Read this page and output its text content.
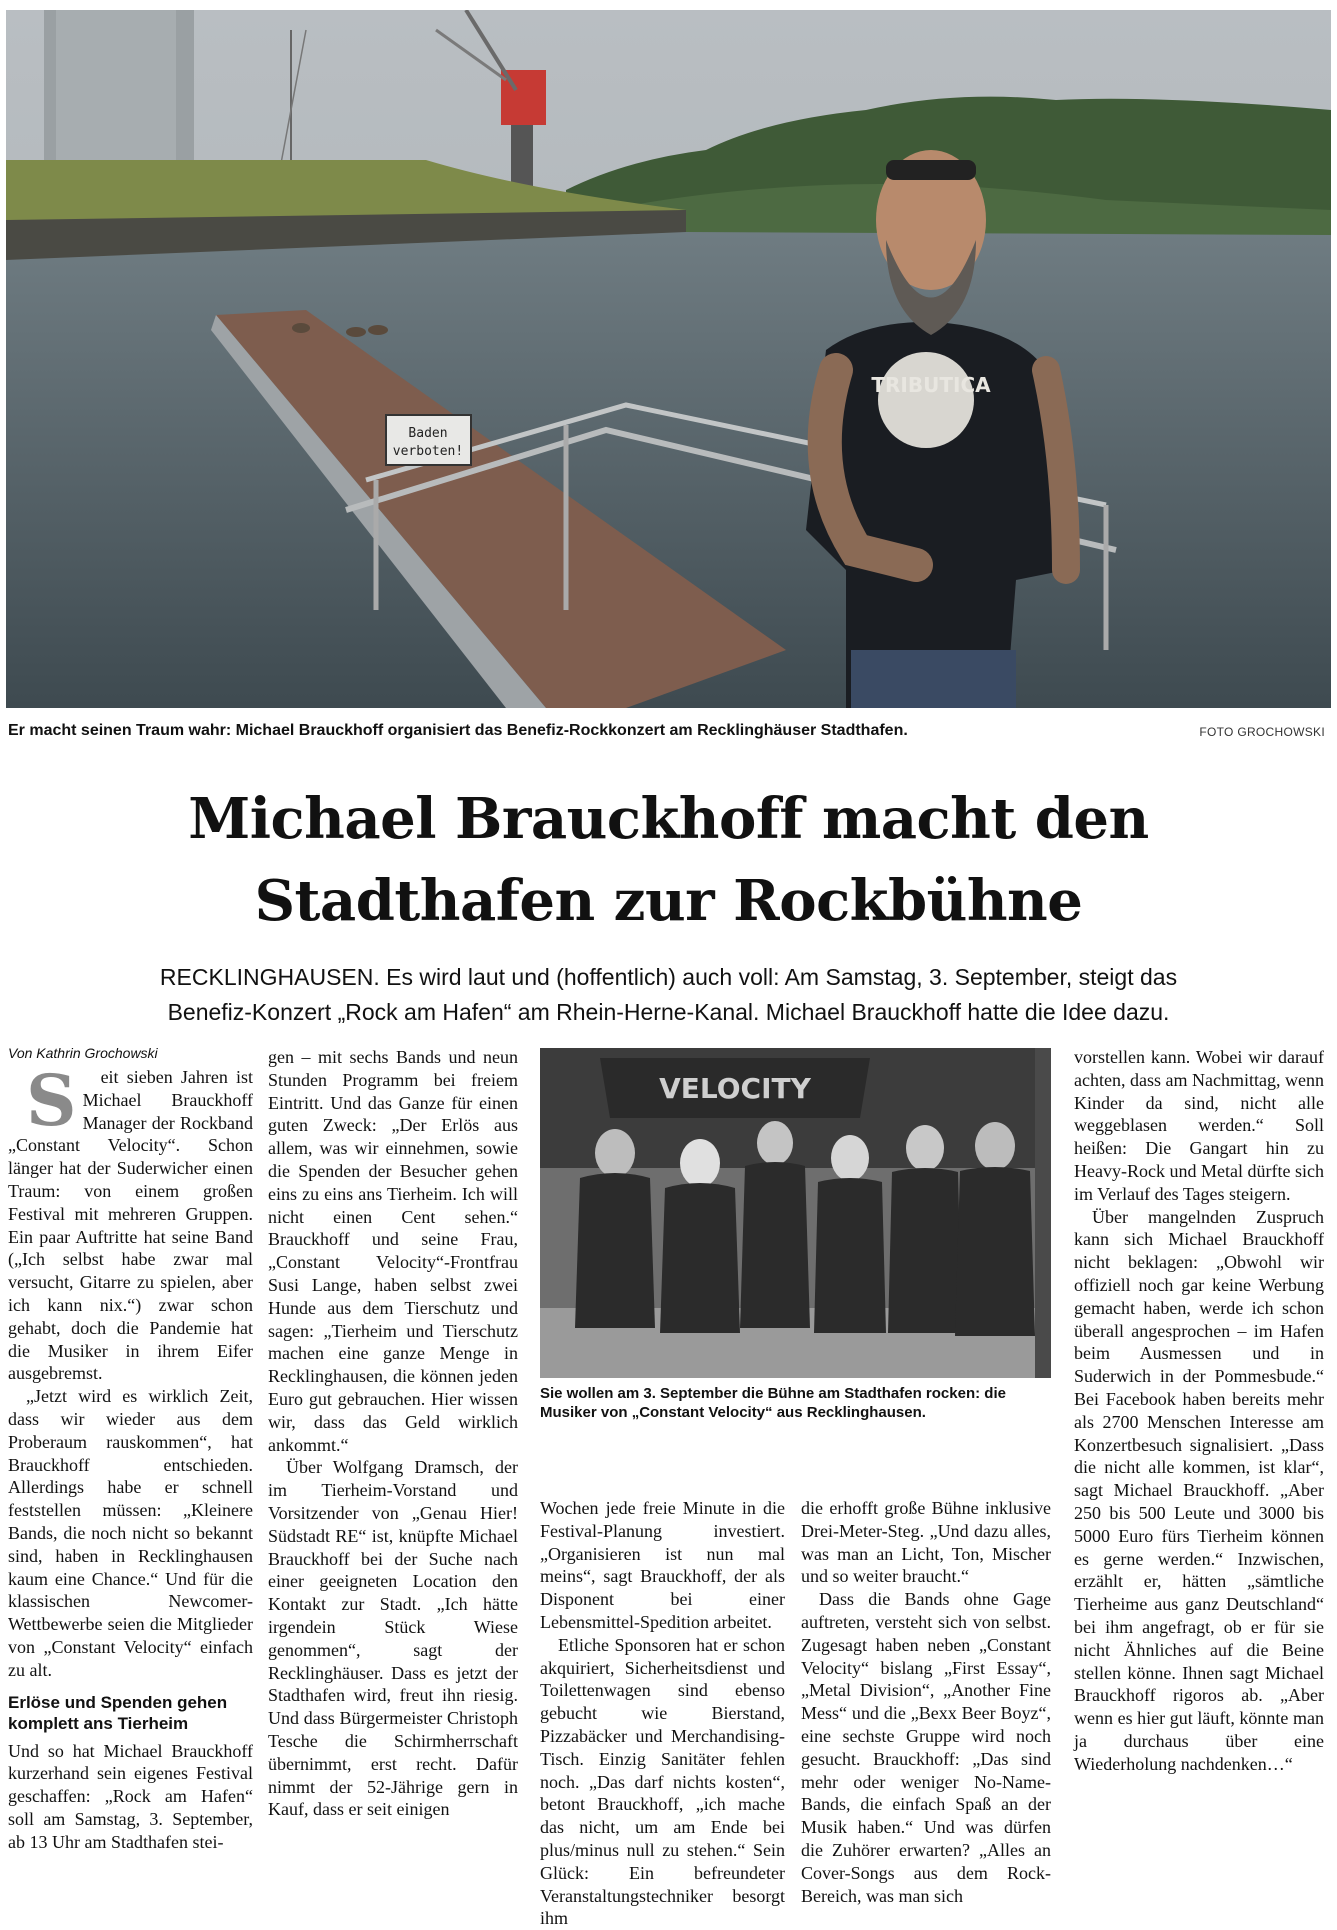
Baden
verboten!
TRIBUTICA
Er macht seinen Traum wahr: Michael Brauckhoff organisiert das Benefiz-Rockkonzert am Recklinghäuser Stadthafen.	FOTO GROCHOWSKI
Michael Brauckhoff macht den
Stadthafen zur Rockbühne
RECKLINGHAUSEN. Es wird laut und (hoffentlich) auch voll: Am Samstag, 3. September, steigt das
Benefiz-Konzert „Rock am Hafen“ am Rhein-Herne-Kanal. Michael Brauckhoff hatte die Idee dazu.

Von Kathrin Grochowski

S eit sieben Jahren ist Michael Brauckhoff Manager der Rockband „Constant Velocity“. Schon länger hat der Suderwicher einen Traum: von einem großen Festival mit mehreren Gruppen. Ein paar Auftritte hat seine Band („Ich selbst habe zwar mal versucht, Gitarre zu spielen, aber ich kann nix.“) zwar schon gehabt, doch die Pandemie hat die Musiker in ihrem Eifer ausgebremst.

„Jetzt wird es wirklich Zeit, dass wir wieder aus dem Proberaum rauskommen“, hat Brauckhoff entschieden. Allerdings habe er schnell feststellen müssen: „Kleinere Bands, die noch nicht so bekannt sind, haben in Recklinghausen kaum eine Chance.“ Und für die klassischen Newcomer-Wettbewerbe seien die Mitglieder von „Constant Velocity“ einfach zu alt.

Erlöse und Spenden gehen komplett ans Tierheim

Und so hat Michael Brauckhoff kurzerhand sein eigenes Festival geschaffen: „Rock am Hafen“ soll am Samstag, 3. September, ab 13 Uhr am Stadthafen stei-

gen – mit sechs Bands und neun Stunden Programm bei freiem Eintritt. Und das Ganze für einen guten Zweck: „Der Erlös aus allem, was wir einnehmen, sowie die Spenden der Besucher gehen eins zu eins ans Tierheim. Ich will nicht einen Cent sehen.“ Brauckhoff und seine Frau, „Constant Velocity“-Frontfrau Susi Lange, haben selbst zwei Hunde aus dem Tierschutz und sagen: „Tierheim und Tierschutz machen eine ganze Menge in Recklinghausen, die können jeden Euro gut gebrauchen. Hier wissen wir, dass das Geld wirklich ankommt.“

Über Wolfgang Dramsch, der im Tierheim-Vorstand und Vorsitzender von „Genau Hier! Südstadt RE“ ist, knüpfte Michael Brauckhoff bei der Suche nach einer geeigneten Location den Kontakt zur Stadt. „Ich hätte irgendein Stück Wiese genommen“, sagt der Recklinghäuser. Dass es jetzt der Stadthafen wird, freut ihn riesig. Und dass Bürgermeister Christoph Tesche die Schirmherrschaft übernimmt, erst recht. Dafür nimmt der 52-Jährige gern in Kauf, dass er seit einigen

VELOCITY
Sie wollen am 3. September die Bühne am Stadthafen rocken: die Musiker von „Constant Velocity“ aus Recklinghausen.

Wochen jede freie Minute in die Festival-Planung investiert. „Organisieren ist nun mal meins“, sagt Brauckhoff, der als Disponent bei einer Lebensmittel-Spedition arbeitet.

Etliche Sponsoren hat er schon akquiriert, Sicherheitsdienst und Toilettenwagen sind ebenso gebucht wie Bierstand, Pizzabäcker und Merchandising-Tisch. Einzig Sanitäter fehlen noch. „Das darf nichts kosten“, betont Brauckhoff, „ich mache das nicht, um am Ende bei plus/minus null zu stehen.“ Sein Glück: Ein befreundeter Veranstaltungstechniker besorgt ihm

die erhofft große Bühne inklusive Drei-Meter-Steg. „Und dazu alles, was man an Licht, Ton, Mischer und so weiter braucht.“

Dass die Bands ohne Gage auftreten, versteht sich von selbst. Zugesagt haben neben „Constant Velocity“ bislang „First Essay“, „Metal Division“, „Another Fine Mess“ und die „Bexx Beer Boyz“, eine sechste Gruppe wird noch gesucht. Brauckhoff: „Das sind mehr oder weniger No-Name-Bands, die einfach Spaß an der Musik haben.“ Und was dürfen die Zuhörer erwarten? „Alles an Cover-Songs aus dem Rock-Bereich, was man sich

vorstellen kann. Wobei wir darauf achten, dass am Nachmittag, wenn Kinder da sind, nicht alle weggeblasen werden.“ Soll heißen: Die Gangart hin zu Heavy-Rock und Metal dürfte sich im Verlauf des Tages steigern.

Über mangelnden Zuspruch kann sich Michael Brauckhoff nicht beklagen: „Obwohl wir offiziell noch gar keine Werbung gemacht haben, werde ich schon überall angesprochen – im Hafen beim Ausmessen und in Suderwich in der Pommesbude.“ Bei Facebook haben bereits mehr als 2700 Menschen Interesse am Konzertbesuch signalisiert. „Dass die nicht alle kommen, ist klar“, sagt Michael Brauckhoff. „Aber 250 bis 500 Leute und 3000 bis 5000 Euro fürs Tierheim können es gerne werden.“ Inzwischen, erzählt er, hätten „sämtliche Tierheime aus ganz Deutschland“ bei ihm angefragt, ob er für sie nicht Ähnliches auf die Beine stellen könne. Ihnen sagt Michael Brauckhoff rigoros ab. „Aber wenn es hier gut läuft, könnte man ja durchaus über eine Wiederholung nachdenken…“
